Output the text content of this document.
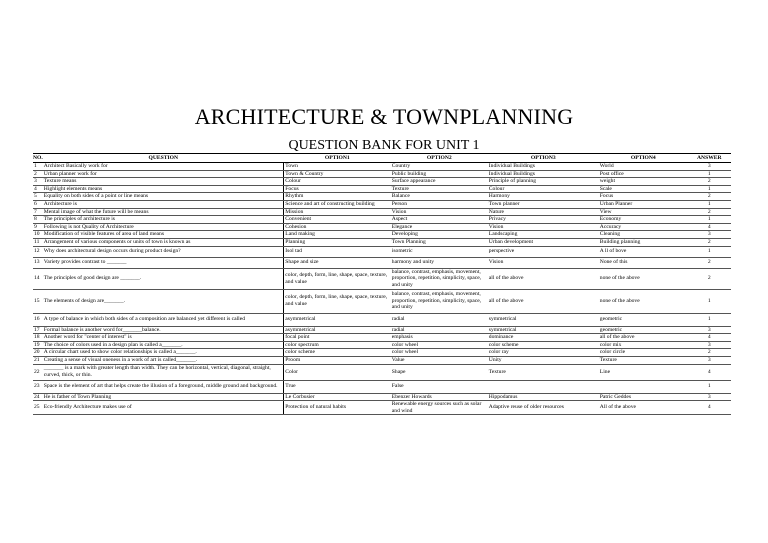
ARCHITECTURE & TOWNPLANNING
QUESTION BANK FOR UNIT 1
NO.	QUESTION	OPTION1	OPTION2	OPTION3	OPTION4	ANSWER
1	Architect Basically work for	Town	Country	Individual Buildings	World	3
2	Urban planner work for	Town & Country	Public building	Individual Buildings	Post office	1
3	Texture means	Colour	Surface appearance	Principle of planning	weight	2
4	Highlight elements means	Focus	Texture	Colour	Scale	1
5	Equality on both sides of a point or line means	Rhythm	Balance	Harmony	Focus	2
6	Architecture is	Science and art of constructing building	Person	Town planner	Urban Planner	1
7	Mental image of what the future will be means	Mission	Vision	Nature	View	2
8	The principles of architecture is	Convenient	Aspect	Privacy	Economy	1
9	Following is not Quality of Architecture	Cohesion	Elegance	Vision	Accuracy	4
10	Modification of visible features of area of land means	Land making	Developing	Landscaping	Cleaning	3
11	Arrangement of various components or units of town is known as	Planning	Town Planning	Urban development	Building planning	2
12	Why does architectural design occurs during product design?	Isol tad	isometric	perspective	A ll of bove	1
13	Variety provides contrast to _______	Shape and size	harmony and unity	Vision	None of this	2
14	The principles of good design are _______.	color, depth, form, line, shape, space, texture, and value	balance, contrast, emphasis, movement, proportion, repetition, simplicity, space, and unity	all of the above	none of the above	2
15	The elements of design are_______.	color, depth, form, line, shape, space, texture, and value	balance, contrast, emphasis, movement, proportion, repetition, simplicity, space, and unity	all of the above	none of the above	1
16	A type of balance in which both sides of a composition are balanced yet different is called	asymmetrical	radial	symmetrical	geometric	1
17	Formal balance is another word for_______balance.	asymmetrical	radial	symmetrical	geometric	3
18	Another word for "center of interest" is	focal point	emphasis	dominance	all of the above	4
19	The choice of colors used in a design plan is called a_______.	color spectrum	color wheel	color scheme	color mix	3
20	A circular chart used to show color relationships is called a_______.	color scheme	color wheel	color ray	color circle	2
21	Creating a sense of visual oneness in a work of art is called_______.	Proom	Value	Unity	Texture	3
22	_______ is a mark with greater length than width. They can be horizontal, vertical, diagonal, straight, curved, thick, or thin.	Color	Shape	Texture	Line	4
23	Space is the element of art that helps create the illusion of a foreground, middle ground and background.	True	False			1
24	He is father of Town Planning	Le Corbusier	Ebenzer Howards	Hippodamus	Patric Geddes	3
25	Eco-friendly Architecture makes use of	Protection of natural habits	Renewable energy sources such as solar and wind	Adaptive reuse of older resources	All of the above	4
